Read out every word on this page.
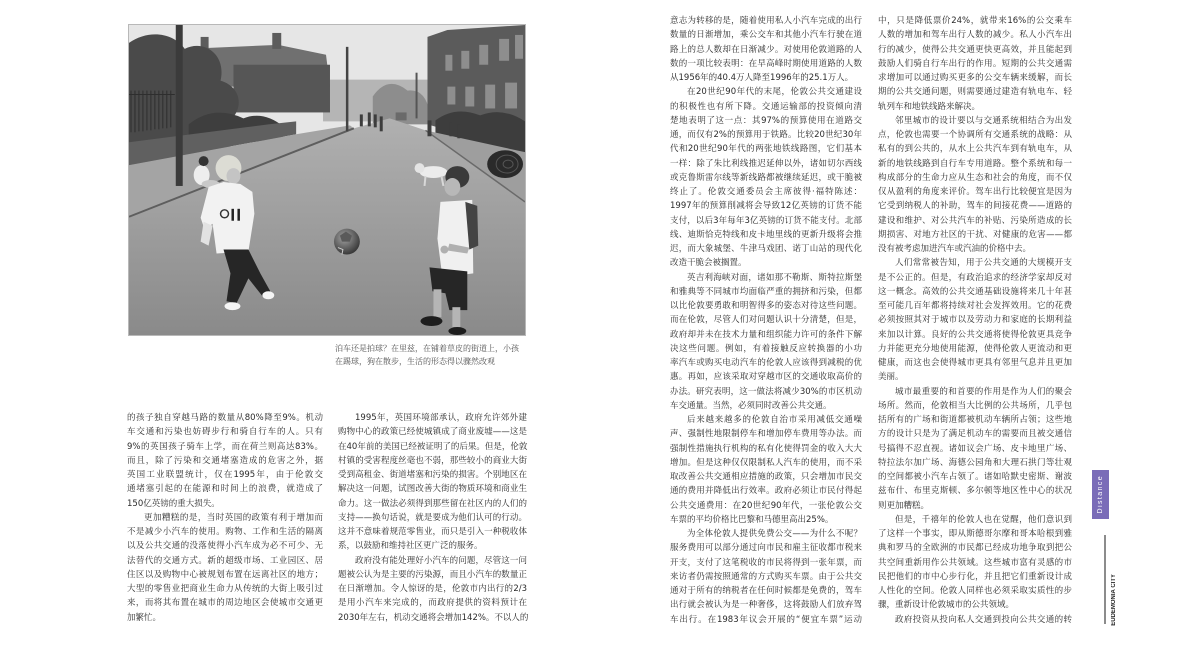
泊车还是拍球？在里兹，在铺着草皮的街道上，小孩
在踢球，狗在散步，生活的形态得以骤然改观
的孩子独自穿越马路的数量从80%降至9%。机动
车交通和污染也妨碍步行和骑自行车的人。只有
9%的英国孩子骑车上学，而在荷兰则高达83%。
而且，除了污染和交通堵塞造成的危害之外，据
英国工业联盟统计，仅在1995年，由于伦敦交
通堵塞引起的在能源和时间上的浪费，就造成了
150亿英镑的重大损失。
更加糟糕的是，当时英国的政策有利于增加而
不是减少小汽车的使用。购物、工作和生活的隔离
以及公共交通的没落使得小汽车成为必不可少、无
法替代的交通方式。新的超级市场、工业园区、居
住区以及购物中心被规划布置在远离社区的地方；
大型的零售业把商业生命力从传统的大街上吸引过
来，而将其布置在城市的周边地区会使城市交通更
加繁忙。
1995年，英国环境部承认，政府允许郊外建
购物中心的政策已经使城镇成了商业废墟——这是
在40年前的美国已经被证明了的后果。但是，伦敦
村镇的受害程度丝毫也不弱，那些较小的商业大街
受到高租金、街道堵塞和污染的损害。个别地区在
解决这一问题，试图改善大街的物质环境和商业生
命力。这一做法必须得到那些留在社区内的人们的
支持——换句话说，就是要成为他们认可的行动。
这并不意味着规范零售业，而只是引入一种税收体
系，以鼓励和维持社区更广泛的服务。
政府没有能处理好小汽车的问题，尽管这一问
题被公认为是主要的污染源，而且小汽车的数量正
在日渐增加。令人惊讶的是，伦敦市内出行的2/3
是用小汽车来完成的，而政府提供的资料预计在
2030年左右，机动交通将会增加142%。不以人的
意志为转移的是，随着使用私人小汽车完成的出行
数量的日渐增加，乘公交车和其他小汽车行驶在道
路上的总人数却在日渐减少。对使用伦敦道路的人
数的一项比较表明：在早高峰时期使用道路的人数
从1956年的40.4万人降至1996年的25.1万人。
在20世纪90年代的末尾，伦敦公共交通建设
的积极性也有所下降。交通运输部的投资倾向清
楚地表明了这一点：其97%的预算使用在道路交
通，而仅有2%的预算用于铁路。比较20世纪30年
代和20世纪90年代的两张地铁线路图，它们基本
一样：除了朱比利线推迟延伸以外，诸如切尔西线
或克鲁斯雷尔线等新线路都被继续延迟，或干脆被
终止了。伦敦交通委员会主席彼得·福特陈述：
1997年的预算削减将会导致12亿英镑的订货不能
支付，以后3年每年3亿英镑的订货不能支付。北部
线、迪斯恰克特线和皮卡地里线的更新升级将会推
迟，而大象城堡、牛津马戏团、诺丁山站的现代化
改造干脆会被搁置。
英吉利海峡对面，诸如那不勒斯、斯特拉斯堡
和雅典等不同城市均面临严重的拥挤和污染，但都
以比伦敦要勇敢和明智得多的姿态对待这些问题。
而在伦敦，尽管人们对问题认识十分清楚，但是，
政府却并未在技术力量和组织能力许可的条件下解
决这些问题。例如，有着接触反应转换器的小功
率汽车或购买电动汽车的伦敦人应该得到减税的优
惠。再如，应该采取对穿越市区的交通收取高价的
办法。研究表明，这一做法将减少30%的市区机动
车交通量。当然，必须同时改善公共交通。
后来越来越多的伦敦自治市采用减低交通噪
声、强制性地限制停车和增加停车费用等办法。而
强制性措施执行机构的私有化使得罚金的收入大大
增加。但是这种仅仅限制私人汽车的使用，而不采
取改善公共交通相应措施的政策，只会增加市民交
通的费用并降低出行效率。政府必须让市民付得起
公共交通费用：在20世纪90年代，一张伦敦公交
车票的平均价格比巴黎和马德里高出25%。
为全体伦敦人提供免费公交——为什么不呢？
服务费用可以部分通过向市民和雇主征收都市税来
开支，支付了这笔税收的市民将得到一张年票，而
来访者仍需按照通常的方式购买车票。由于公共交
通对于所有的纳税者在任何时候都是免费的，驾车
出行就会被认为是一种奢侈，这将鼓励人们放弃驾
车出行。在1983年议会开展的“便宜车票”运动
中，只是降低票价24%，就带来16%的公交乘车
人数的增加和驾车出行人数的减少。私人小汽车出
行的减少，使得公共交通更快更高效，并且能起到
鼓励人们骑自行车出行的作用。短期的公共交通需
求增加可以通过购买更多的公交车辆来缓解，而长
期的公共交通问题，则需要通过建造有轨电车、轻
轨列车和地铁线路来解决。
邻里城市的设计要以与交通系统相结合为出发
点，伦敦也需要一个协调所有交通系统的战略：从
私有的到公共的，从水上公共汽车到有轨电车，从
新的地铁线路到自行车专用道路。整个系统和每一
构成部分的生命力应从生态和社会的角度，而不仅
仅从盈利的角度来评价。驾车出行比较便宜是因为
它受到纳税人的补助，驾车的间接花费——道路的
建设和维护、对公共汽车的补贴、污染所造成的长
期损害、对地方社区的干扰、对健康的危害——都
没有被考虑加进汽车或汽油的价格中去。
人们常常被告知，用于公共交通的大规模开支
是不公正的。但是，有政治追求的经济学家却反对
这一概念。高效的公共交通基础设施将来几十年甚
至可能几百年都将持续对社会发挥效用。它的花费
必须按照其对于城市以及劳动力和家庭的长期利益
来加以计算。良好的公共交通将使得伦敦更具竞争
力并能更充分地使用能源，使得伦敦人更流动和更
健康，而这也会使得城市更具有邻里气息并且更加
美丽。
城市最重要的和首要的作用是作为人们的聚会
场所。然而，伦敦相当大比例的公共场所，几乎包
括所有的广场和街道都被机动车辆所占领；这些地
方的设计只是为了满足机动车的需要而且被交通信
号搞得不忍直视。诸如议会广场、皮卡地里广场、
特拉法尔加广场、海德公园角和大理石拱门等壮观
的空间都被小汽车占领了。诸如哈默史密斯、谢波
兹布什、布里克斯顿、多尔顿等地区性中心的状况
则更加糟糕。
但是，千禧年的伦敦人也在觉醒，他们意识到
了这样一个事实，即从斯德哥尔摩和哥本哈根到雅
典和罗马的全欧洲的市民都已经成功地争取到把公
共空间重新用作公共领域。这些城市富有灵感的市
民把他们的市中心步行化，并且把它们重新设计成
人性化的空间。伦敦人同样也必须采取实质性的步
骤，重新设计伦敦城市的公共领域。
政府投资从投向私人交通到投向公共交通的转
Distance
EUDEMONIA CITY
